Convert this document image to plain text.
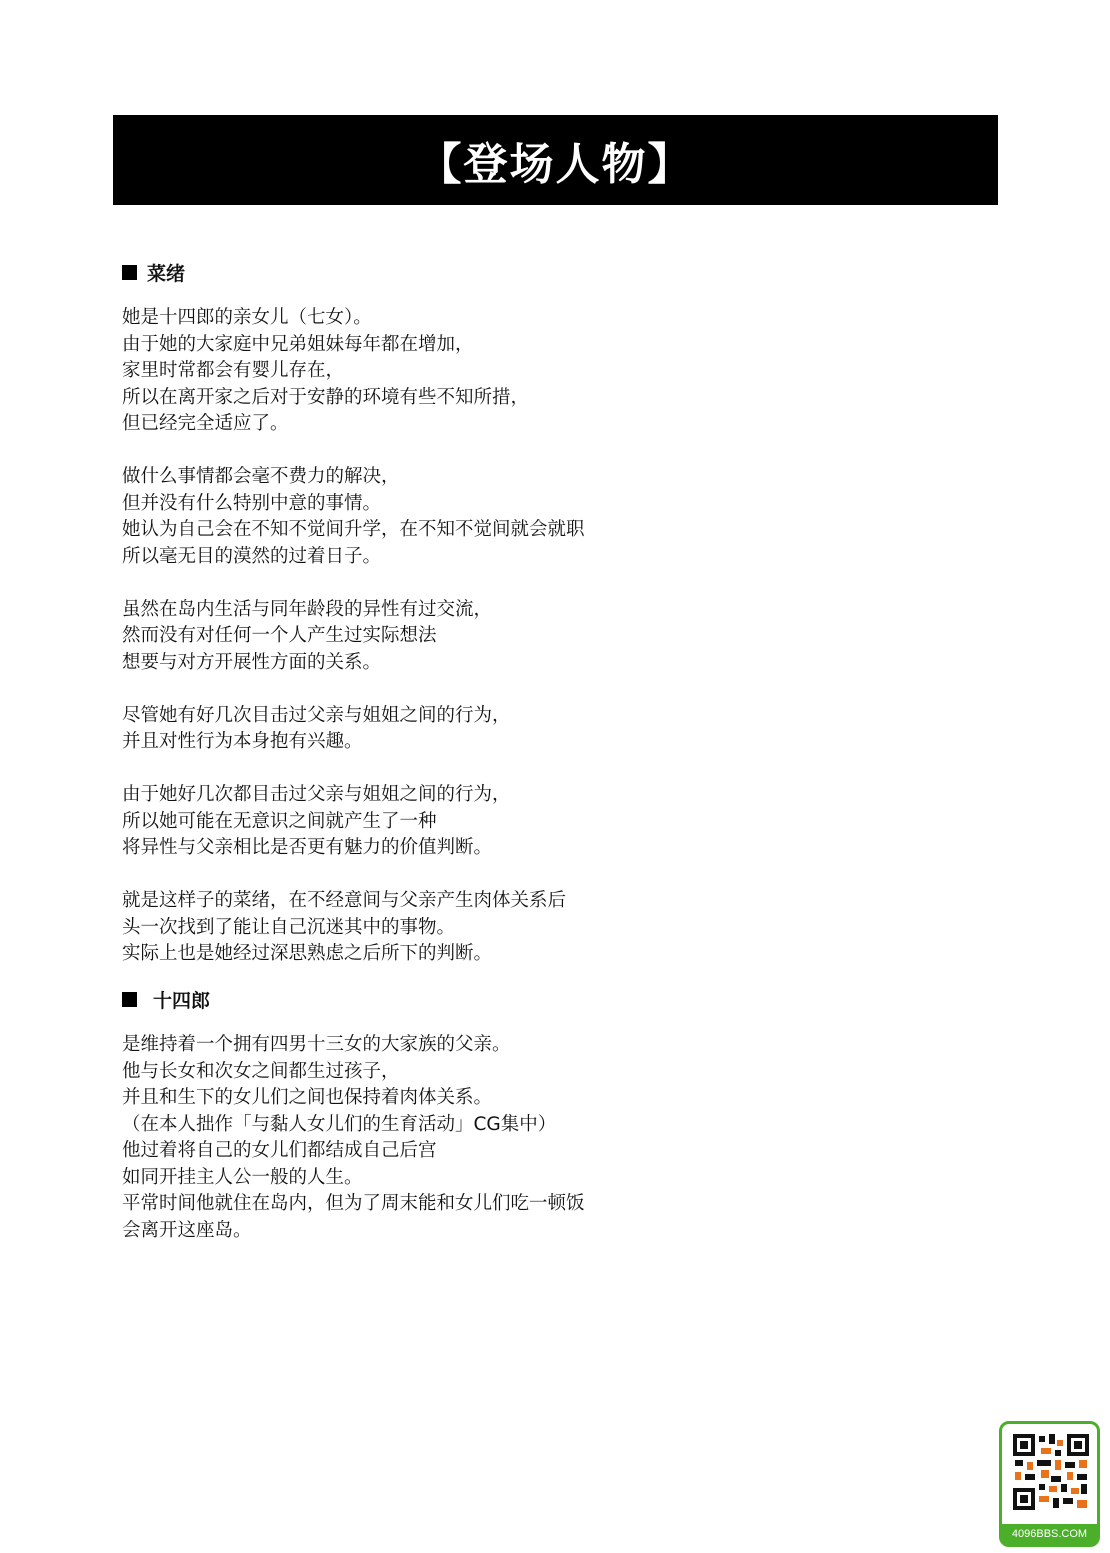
【登场人物】
菜绪

她是十四郎的亲女儿（七女）。
由于她的大家庭中兄弟姐妹每年都在增加，
家里时常都会有婴儿存在，
所以在离开家之后对于安静的环境有些不知所措，
但已经完全适应了。

做什么事情都会毫不费力的解决，
但并没有什么特别中意的事情。
她认为自己会在不知不觉间升学，在不知不觉间就会就职
所以毫无目的漠然的过着日子。

虽然在岛内生活与同年龄段的异性有过交流，
然而没有对任何一个人产生过实际想法
想要与对方开展性方面的关系。

尽管她有好几次目击过父亲与姐姐之间的行为，
并且对性行为本身抱有兴趣。

由于她好几次都目击过父亲与姐姐之间的行为，
所以她可能在无意识之间就产生了一种
将异性与父亲相比是否更有魅力的价值判断。

就是这样子的菜绪，在不经意间与父亲产生肉体关系后
头一次找到了能让自己沉迷其中的事物。
实际上也是她经过深思熟虑之后所下的判断。

十四郎

是维持着一个拥有四男十三女的大家族的父亲。
他与长女和次女之间都生过孩子，
并且和生下的女儿们之间也保持着肉体关系。
（在本人拙作「与黏人女儿们的生育活动」CG集中）
他过着将自己的女儿们都结成自己后宫
如同开挂主人公一般的人生。
平常时间他就住在岛内，但为了周末能和女儿们吃一顿饭
会离开这座岛。

4096BBS.COM
